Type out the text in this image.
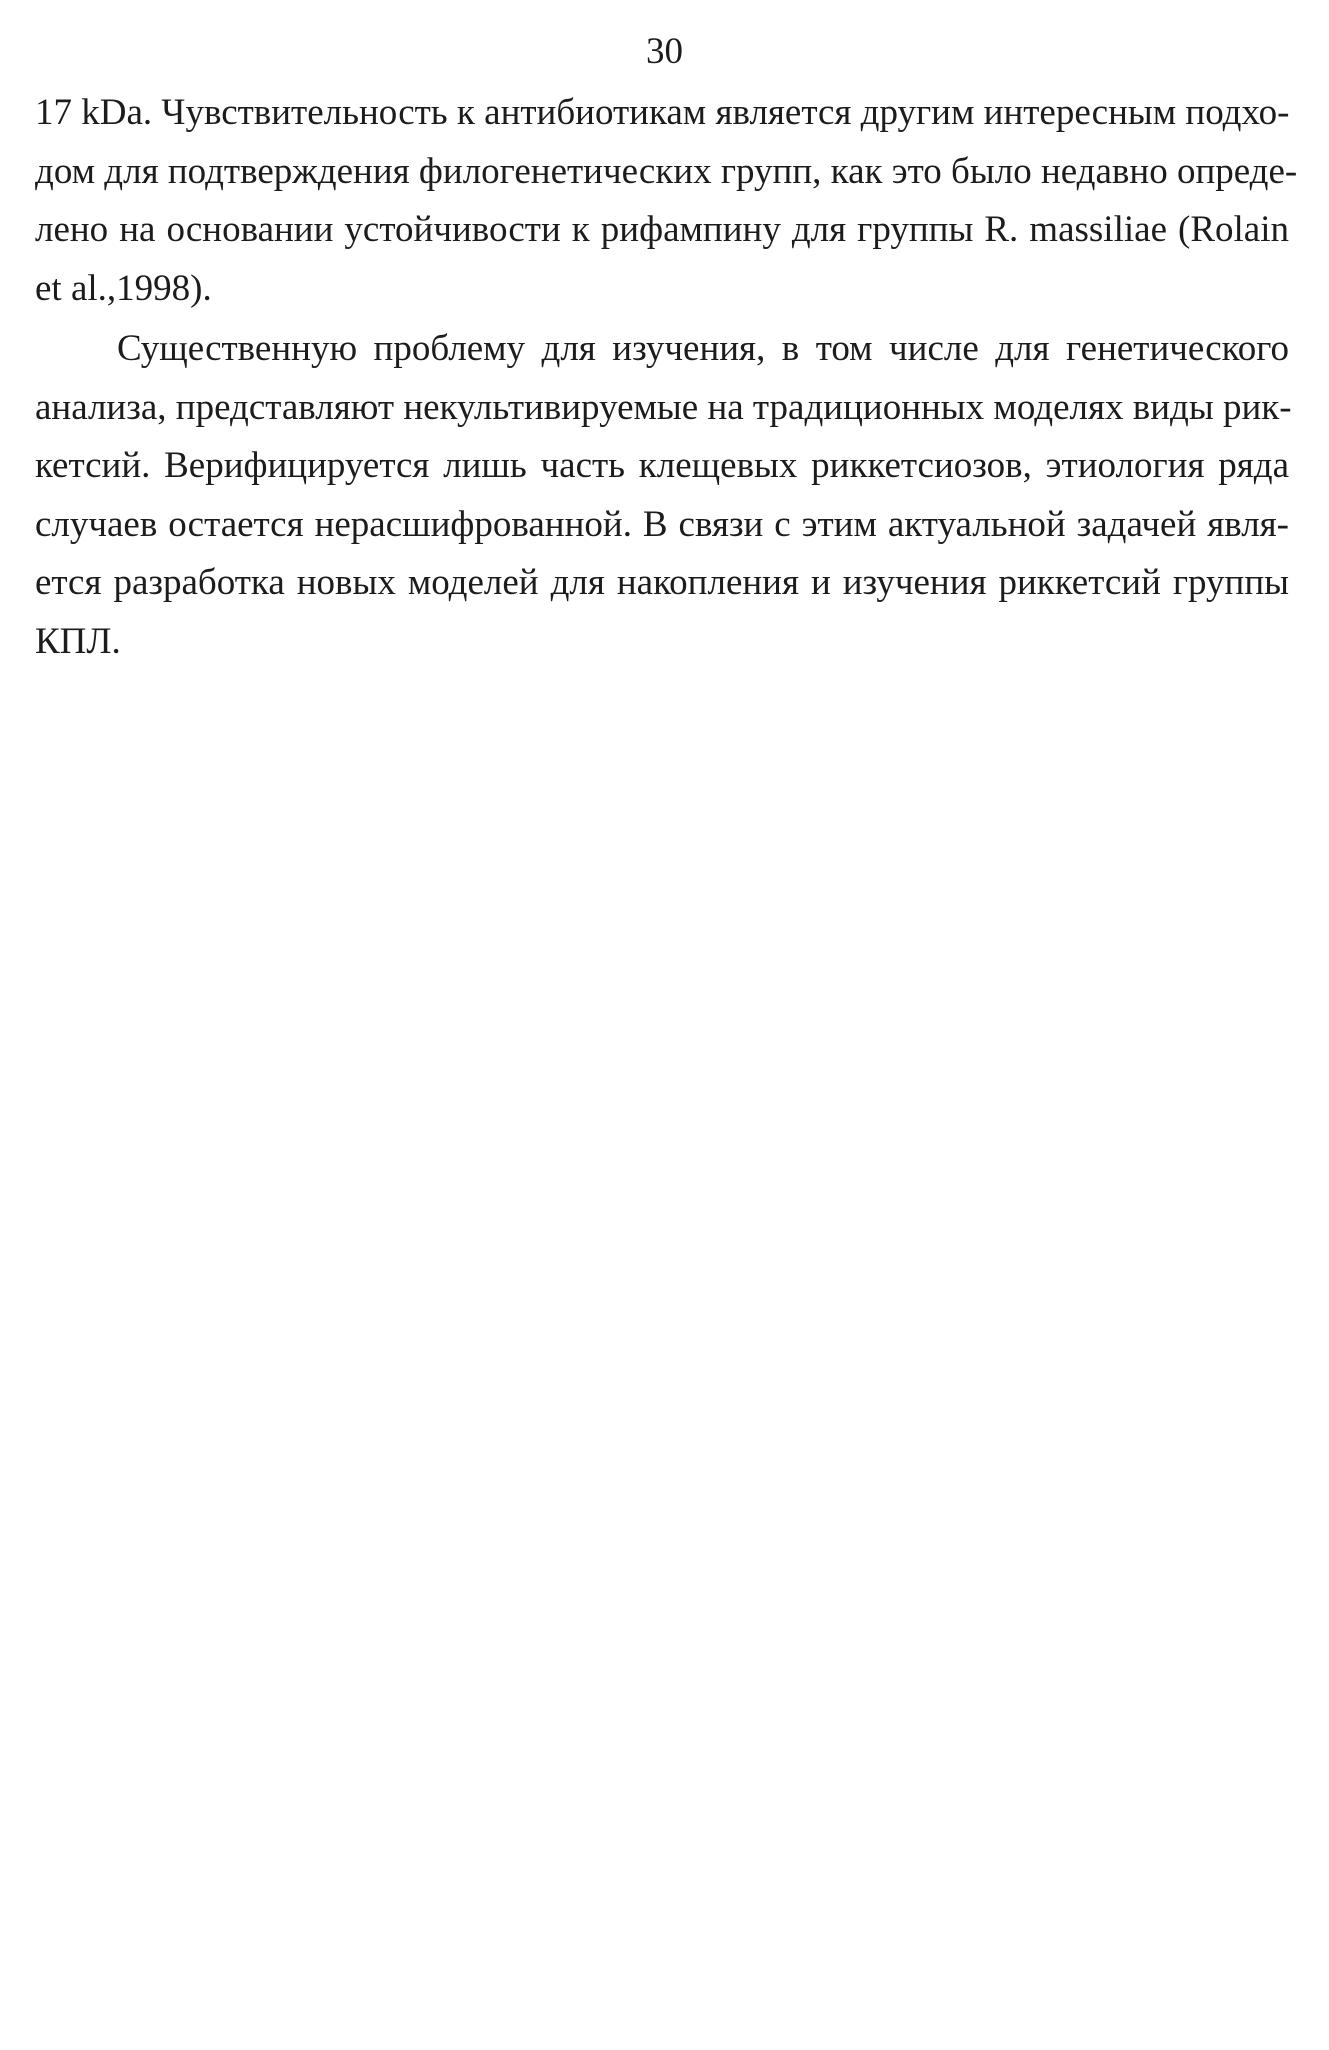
30
17 kDa. Чувствительность к антибиотикам является другим интересным подхо-
дом для подтверждения филогенетических групп, как это было недавно опреде-
лено на основании устойчивости к рифампину для группы R. massiliae (Rolain
et al.,1998).
Существенную проблему для изучения, в том числе для генетического
анализа, представляют некультивируемые на традиционных моделях виды рик-
кетсий. Верифицируется лишь часть клещевых риккетсиозов, этиология ряда
случаев остается нерасшифрованной. В связи с этим актуальной задачей явля-
ется разработка новых моделей для накопления и изучения риккетсий группы
КПЛ.
